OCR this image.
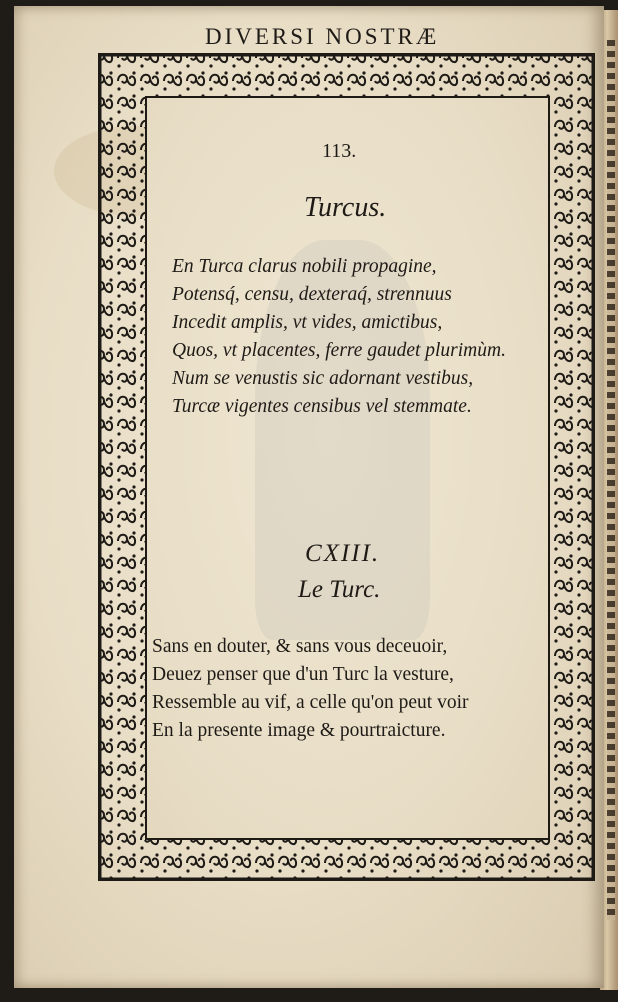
DIVERSI NOSTRÆ
113.
Turcus.
En Turca clarus nobili propagine,
Potensq́, censu, dexteraq́, strennuus
Incedit amplis, vt vides, amictibus,
Quos, vt placentes, ferre gaudet plurimùm.
Num se venustis sic adornant vestibus,
Turcæ vigentes censibus vel stemmate.
CXIII.
Le Turc.
Sans en douter, & sans vous deceuoir,
Deuez penser que d'un Turc la vesture,
Ressemble au vif, a celle qu'on peut voir
En la presente image & pourtraicture.
